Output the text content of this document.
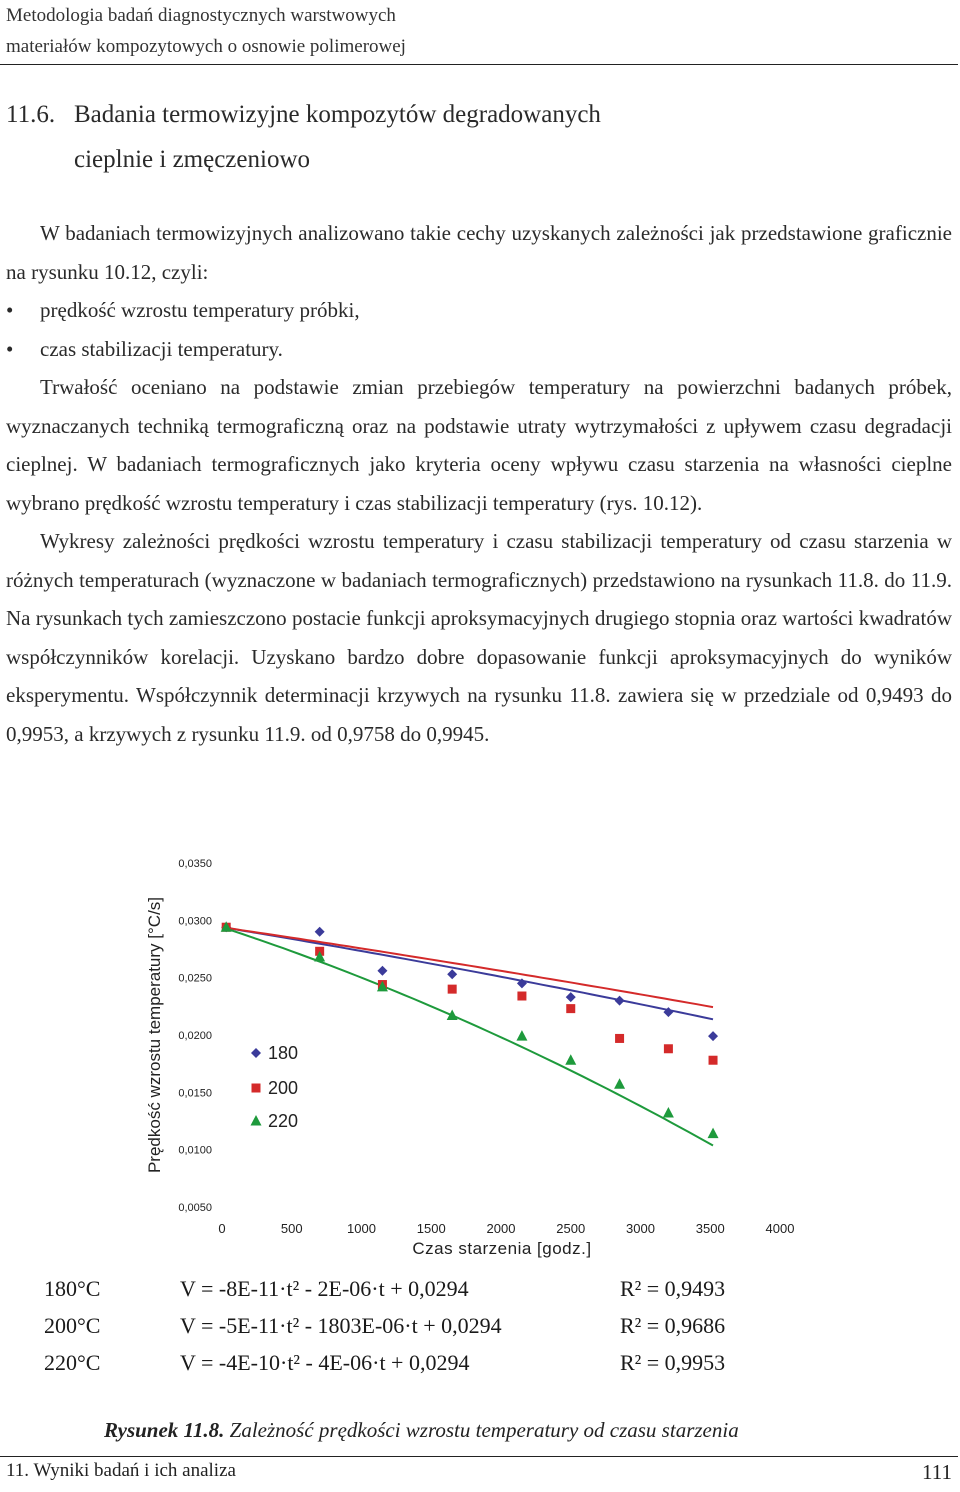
Metodologia badań diagnostycznych warstwowych
materiałów kompozytowych o osnowie polimerowej
11.6. Badania termowizyjne kompozytów degradowanych
cieplnie i zmęczeniowo

W badaniach termowizyjnych analizowano takie cechy uzyskanych zależności jak przedstawione graficznie na rysunku 10.12, czyli:

• prędkość wzrostu temperatury próbki,
• czas stabilizacji temperatury.

Trwałość oceniano na podstawie zmian przebiegów temperatury na powierzchni badanych próbek, wyznaczanych techniką termograficzną oraz na podstawie utraty wytrzymałości z upływem czasu degradacji cieplnej. W badaniach termograficznych jako kryteria oceny wpływu czasu starzenia na własności cieplne wybrano prędkość wzrostu temperatury i czas stabilizacji temperatury (rys. 10.12).

Wykresy zależności prędkości wzrostu temperatury i czasu stabilizacji temperatury od czasu starzenia w różnych temperaturach (wyznaczone w badaniach termograficznych) przedstawiono na rysunkach 11.8. do 11.9. Na rysunkach tych zamieszczono postacie funkcji aproksymacyjnych drugiego stopnia oraz wartości kwadratów współczynników korelacji. Uzyskano bardzo dobre dopasowanie funkcji aproksymacyjnych do wyników eksperymentu. Współczynnik determinacji krzywych na rysunku 11.8. zawiera się w przedziale od 0,9493 do 0,9953, a krzywych z rysunku 11.9. od 0,9758 do 0,9945.

0,0050
0,0100
0,0150
0,0200
0,0250
0,0300
0,0350
0	500	1000	1500	2000	2500	3000	3500	4000
Czas starzenia [godz.]
Prędkość wzrostu temperatury [°C/s]	180
200
220
180°C	V = -8E-11·t² - 2E-06·t + 0,0294	R² = 0,9493
200°C	V = -5E-11·t² - 1803E-06·t + 0,0294	R² = 0,9686
220°C	V = -4E-10·t² - 4E-06·t + 0,0294	R² = 0,9953
Rysunek 11.8. Zależność prędkości wzrostu temperatury od czasu starzenia
11. Wyniki badań i ich analiza	111
